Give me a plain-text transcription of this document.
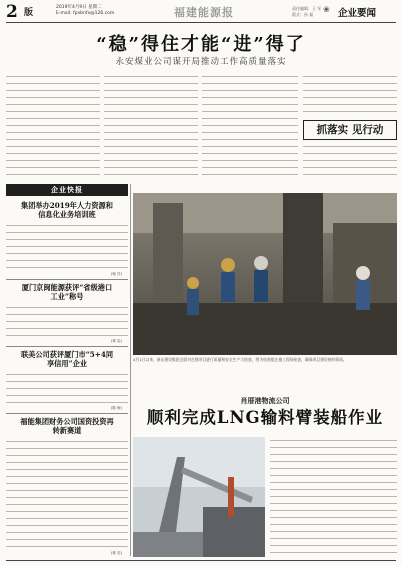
2 版
2019年4月9日 星期二
E-mail: fpxbnfx@126.com	福建能源报	责任编辑：王 军
版式：孙 磊
❀ 企业要闻
“稳”得住才能“进”得了
永安煤业公司谋开局推动工作高质量落实
抓落实 见行动
企业快报
集团举办2019年人力资源和信息化业务培训班
(杨 洋)
厦门京闽能源获评“省级港口工业”称号
(林 辰)
联美公司获评厦门市“5+4同享信用”企业
(陈 海)
福能集团财务公司国资投资再转新赛道
(林 浩)
4月1日以来，新山建设集团全面对在建项目进行质量和安全生产大检查，图为检查组在施工现场检查，确保项目建设按时保质。
肖厝港物流公司
顺利完成LNG输料臂装船作业
